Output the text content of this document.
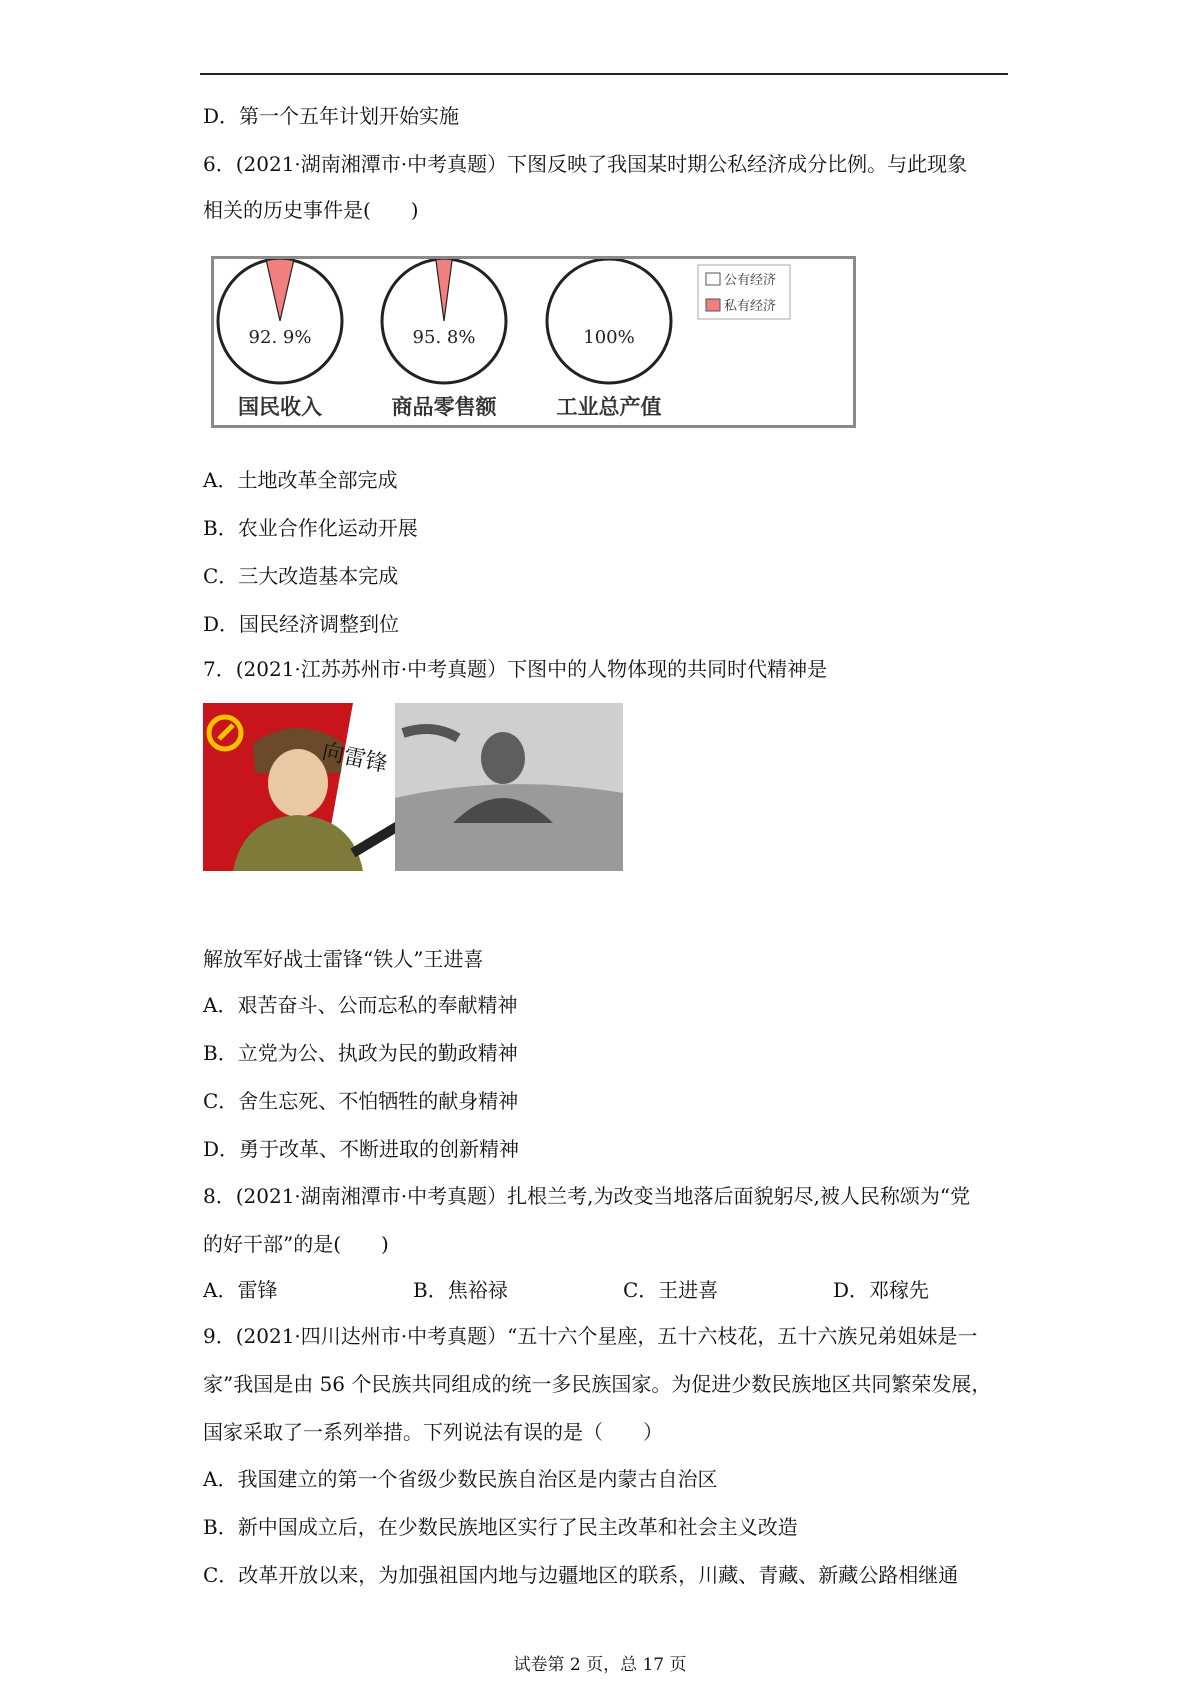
D．第一个五年计划开始实施
6．(2021·湖南湘潭市·中考真题）下图反映了我国某时期公私经济成分比例。与此现象
相关的历史事件是(　　)
92. 9%
国民收入
95. 8%
商品零售额
100%
工业总产值
公有经济
私有经济
A．土地改革全部完成
B．农业合作化运动开展
C．三大改造基本完成
D．国民经济调整到位
7．(2021·江苏苏州市·中考真题）下图中的人物体现的共同时代精神是
向雷锋
解放军好战士雷锋“铁人”王进喜
A．艰苦奋斗、公而忘私的奉献精神
B．立党为公、执政为民的勤政精神
C．舍生忘死、不怕牺牲的献身精神
D．勇于改革、不断进取的创新精神
8．(2021·湖南湘潭市·中考真题）扎根兰考,为改变当地落后面貌躬尽,被人民称颂为“党
的好干部”的是(　　)
A．雷锋	B．焦裕禄	C．王进喜	D．邓稼先
9．(2021·四川达州市·中考真题）“五十六个星座，五十六枝花，五十六族兄弟姐妹是一
家”我国是由 56 个民族共同组成的统一多民族国家。为促进少数民族地区共同繁荣发展，
国家采取了一系列举措。下列说法有误的是（　　）
A．我国建立的第一个省级少数民族自治区是内蒙古自治区
B．新中国成立后，在少数民族地区实行了民主改革和社会主义改造
C．改革开放以来，为加强祖国内地与边疆地区的联系，川藏、青藏、新藏公路相继通
试卷第 2 页，总 17 页
